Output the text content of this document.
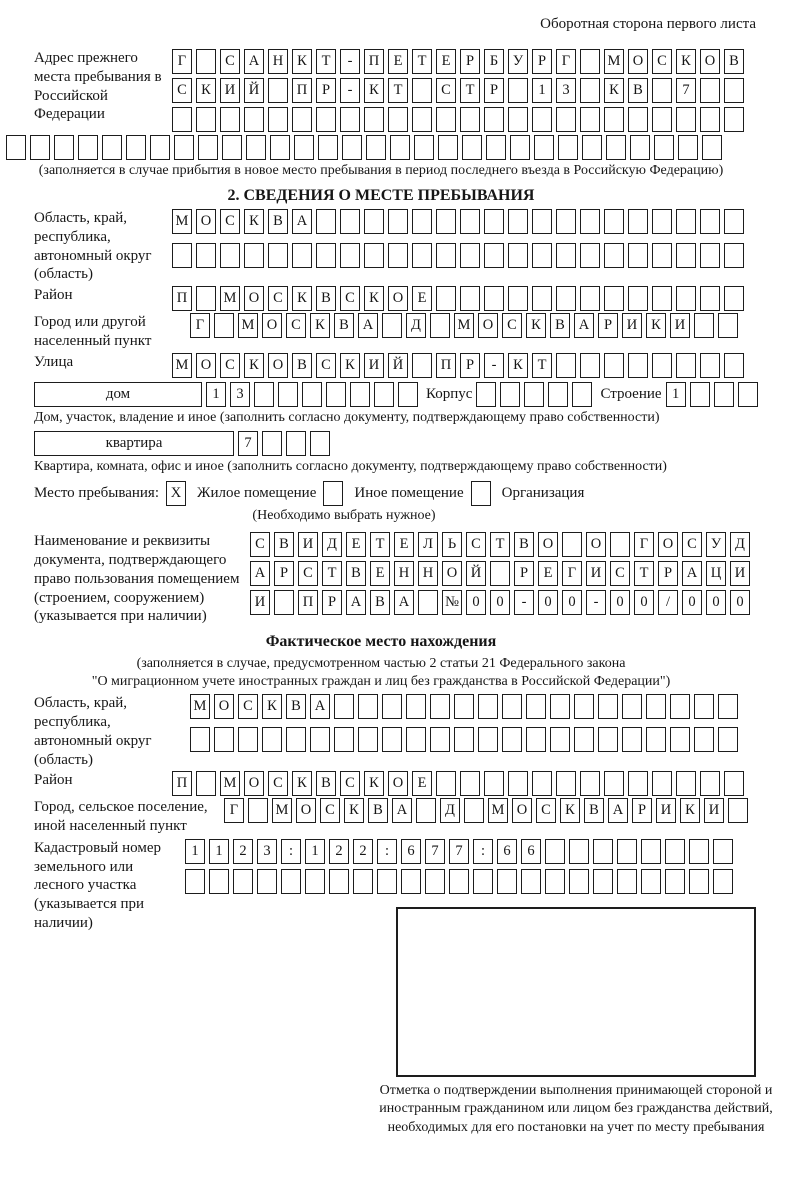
Оборотная сторона первого листа
Адрес прежнего места пребывания в Российской Федерации
Г	С А Н К	Т	-	П Е	Т	Е	Р	Б	У	Р	Г	М О С К О В
С К И Й	П	Р	-	К	Т	С	Т	Р	1	3	К В	7
(заполняется в случае прибытия в новое место пребывания в период последнего въезда в Российскую Федерацию)
2. СВЕДЕНИЯ О МЕСТЕ ПРЕБЫВАНИЯ
Область, край, республика, автономный округ (область)
М О С К В А
Район	П	М О С К В С К О Е
Город или другой населенный пункт
Г	М О С К В А	Д	М О С К В А	Р	И К И
Улица	М О С К О В С К И Й	П	Р	-	К	Т
дом	1	3	Корпус	Строение 1
Дом, участок, владение и иное (заполнить согласно документу, подтверждающему право собственности)
квартира	7
Квартира, комната, офис и иное (заполнить согласно документу, подтверждающему право собственности)
Место пребывания: X	Жилое помещение	Иное помещение	Организация
(Необходимо выбрать нужное)
Наименование и реквизиты документа, подтверждающего право пользования помещением (строением, сооружением) (указывается при наличии)
С В И Д	Е	Т	Е	Л	Ь	С	Т	В О	О	Г	О С У Д
А	Р	С	Т	В	Е Н Н О Й	Р	Е	Г	И С	Т	Р	А Ц И
И	П	Р	А В А	№ 0	0	-	0	0	-	0	0	/	0	0	0
Фактическое место нахождения
(заполняется в случае, предусмотренном частью 2 статьи 21 Федерального закона
"О миграционном учете иностранных граждан и лиц без гражданства в Российской Федерации")
Область, край, республика, автономный округ (область)
М О С К В А
Район	П	М О С К В С К О Е
Город, сельское поселение, иной населенный пункт
Г	М О С К В А	Д	М О С К В А	Р	И К И
Кадастровый номер земельного или лесного участка (указывается при наличии)
1	1	2	3	:	1	2	2	:	6	7	7	:	6	6
Отметка о подтверждении выполнения принимающей стороной и иностранным гражданином или лицом без гражданства действий, необходимых для его постановки на учет по месту пребывания
